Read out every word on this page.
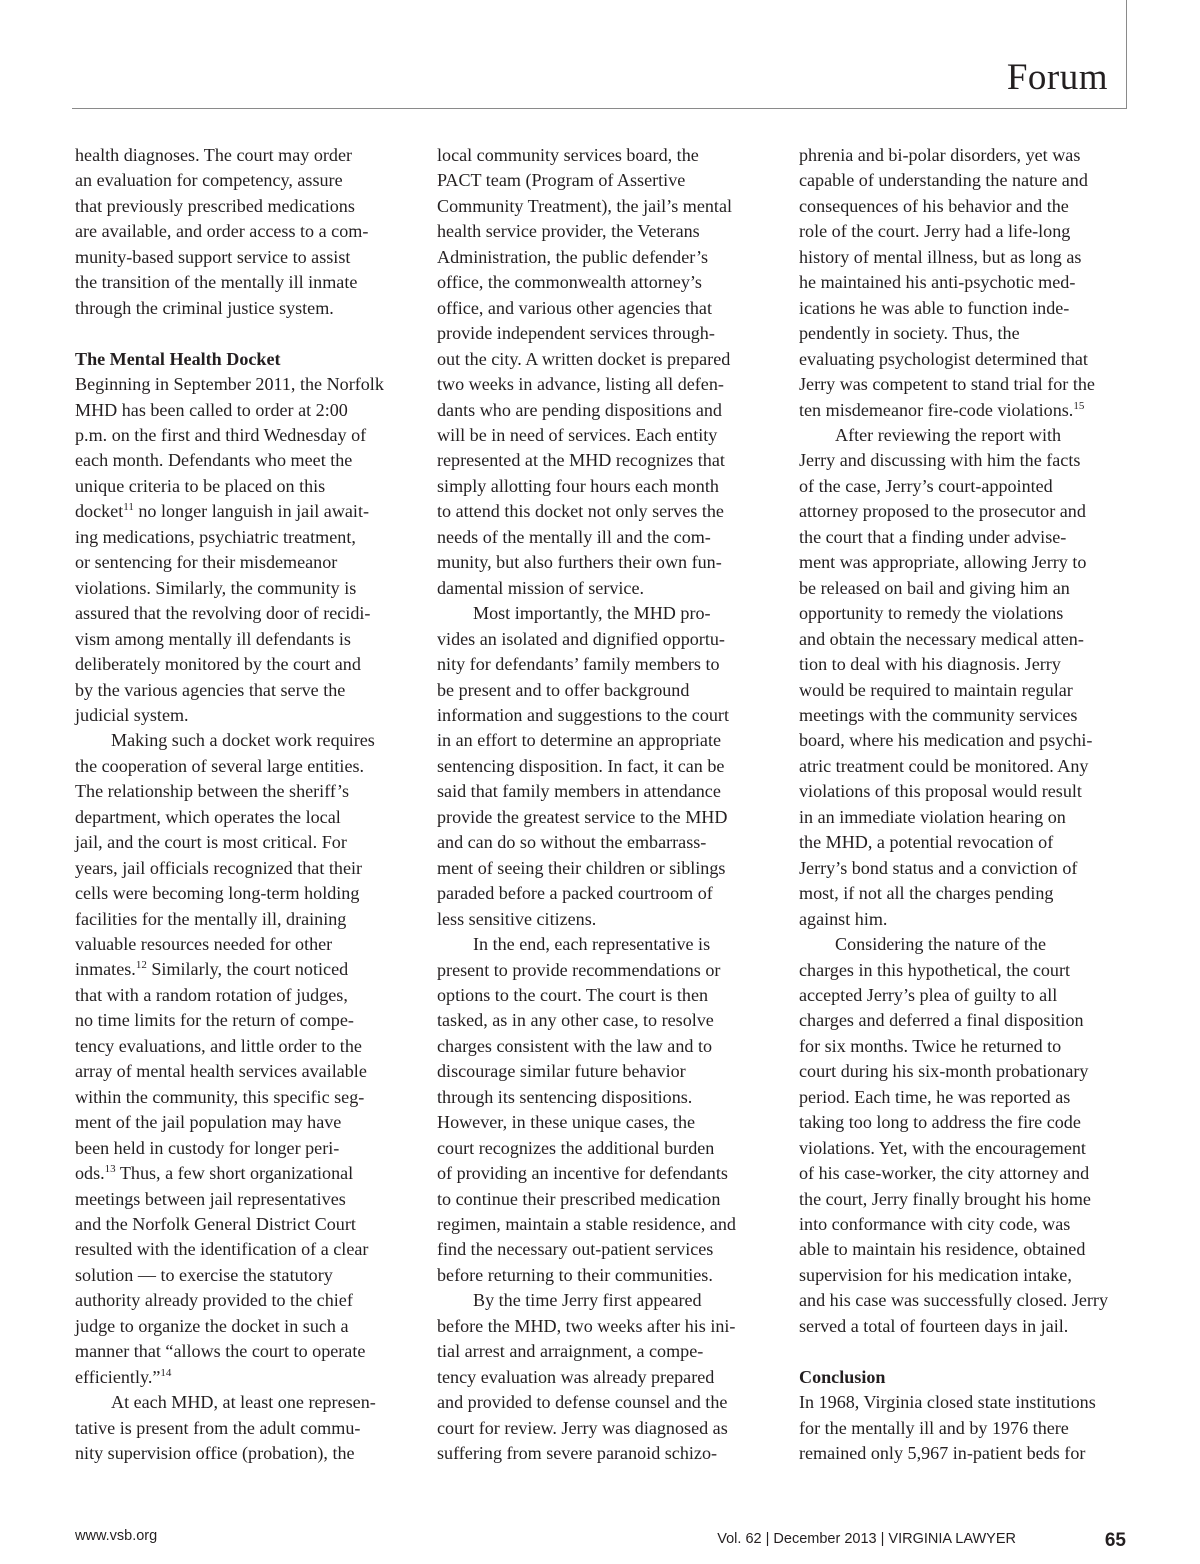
Forum
health diagnoses. The court may order
an evaluation for competency, assure
that previously prescribed medications
are available, and order access to a com-
munity-based support service to assist
the transition of the mentally ill inmate
through the criminal justice system.
The Mental Health Docket
Beginning in September 2011, the Norfolk
MHD has been called to order at 2:00
p.m. on the first and third Wednesday of
each month. Defendants who meet the
unique criteria to be placed on this
docket$^{11}$ no longer languish in jail await-
ing medications, psychiatric treatment,
or sentencing for their misdemeanor
violations. Similarly, the community is
assured that the revolving door of recidi-
vism among mentally ill defendants is
deliberately monitored by the court and
by the various agencies that serve the
judicial system.
Making such a docket work requires
the cooperation of several large entities.
The relationship between the sheriff’s
department, which operates the local
jail, and the court is most critical. For
years, jail officials recognized that their
cells were becoming long-term holding
facilities for the mentally ill, draining
valuable resources needed for other
inmates.$^{12}$ Similarly, the court noticed
that with a random rotation of judges,
no time limits for the return of compe-
tency evaluations, and little order to the
array of mental health services available
within the community, this specific seg-
ment of the jail population may have
been held in custody for longer peri-
ods.$^{13}$ Thus, a few short organizational
meetings between jail representatives
and the Norfolk General District Court
resulted with the identification of a clear
solution — to exercise the statutory
authority already provided to the chief
judge to organize the docket in such a
manner that “allows the court to operate
efficiently.”$^{14}$
At each MHD, at least one represen-
tative is present from the adult commu-
nity supervision office (probation), the
local community services board, the
PACT team (Program of Assertive
Community Treatment), the jail’s mental
health service provider, the Veterans
Administration, the public defender’s
office, the commonwealth attorney’s
office, and various other agencies that
provide independent services through-
out the city. A written docket is prepared
two weeks in advance, listing all defen-
dants who are pending dispositions and
will be in need of services. Each entity
represented at the MHD recognizes that
simply allotting four hours each month
to attend this docket not only serves the
needs of the mentally ill and the com-
munity, but also furthers their own fun-
damental mission of service.
Most importantly, the MHD pro-
vides an isolated and dignified opportu-
nity for defendants’ family members to
be present and to offer background
information and suggestions to the court
in an effort to determine an appropriate
sentencing disposition. In fact, it can be
said that family members in attendance
provide the greatest service to the MHD
and can do so without the embarrass-
ment of seeing their children or siblings
paraded before a packed courtroom of
less sensitive citizens.
In the end, each representative is
present to provide recommendations or
options to the court. The court is then
tasked, as in any other case, to resolve
charges consistent with the law and to
discourage similar future behavior
through its sentencing dispositions.
However, in these unique cases, the
court recognizes the additional burden
of providing an incentive for defendants
to continue their prescribed medication
regimen, maintain a stable residence, and
find the necessary out-patient services
before returning to their communities.
By the time Jerry first appeared
before the MHD, two weeks after his ini-
tial arrest and arraignment, a compe-
tency evaluation was already prepared
and provided to defense counsel and the
court for review. Jerry was diagnosed as
suffering from severe paranoid schizo-
phrenia and bi-polar disorders, yet was
capable of understanding the nature and
consequences of his behavior and the
role of the court. Jerry had a life-long
history of mental illness, but as long as
he maintained his anti-psychotic med-
ications he was able to function inde-
pendently in society. Thus, the
evaluating psychologist determined that
Jerry was competent to stand trial for the
ten misdemeanor fire-code violations.$^{15}$
After reviewing the report with
Jerry and discussing with him the facts
of the case, Jerry’s court-appointed
attorney proposed to the prosecutor and
the court that a finding under advise-
ment was appropriate, allowing Jerry to
be released on bail and giving him an
opportunity to remedy the violations
and obtain the necessary medical atten-
tion to deal with his diagnosis. Jerry
would be required to maintain regular
meetings with the community services
board, where his medication and psychi-
atric treatment could be monitored. Any
violations of this proposal would result
in an immediate violation hearing on
the MHD, a potential revocation of
Jerry’s bond status and a conviction of
most, if not all the charges pending
against him.
Considering the nature of the
charges in this hypothetical, the court
accepted Jerry’s plea of guilty to all
charges and deferred a final disposition
for six months. Twice he returned to
court during his six-month probationary
period. Each time, he was reported as
taking too long to address the fire code
violations. Yet, with the encouragement
of his case-worker, the city attorney and
the court, Jerry finally brought his home
into conformance with city code, was
able to maintain his residence, obtained
supervision for his medication intake,
and his case was successfully closed. Jerry
served a total of fourteen days in jail.
Conclusion
In 1968, Virginia closed state institutions
for the mentally ill and by 1976 there
remained only 5,967 in-patient beds for
www.vsb.org	Vol. 62 | December 2013 | VIRGINIA LAWYER	65
